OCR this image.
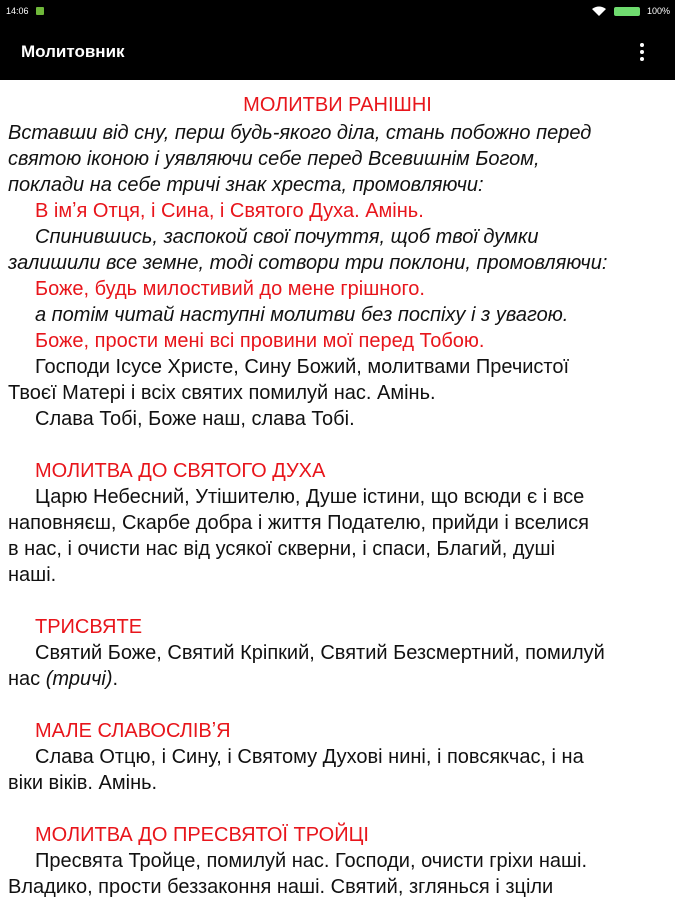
14:06	100%
Молитовник
МОЛИТВИ РАНІШНІ
Вставши від сну, перш будь-якого діла, стань побожно перед
святою іконою і уявляючи себе перед Всевишнім Богом,
поклади на себе тричі знак хреста, промовляючи:
В імʼя Отця, і Сина, і Святого Духа. Амінь.
Спинившись, заспокой свої почуття, щоб твої думки
залишили все земне, тоді сотвори три поклони, промовляючи:
Боже, будь милостивий до мене грішного.
а потім читай наступні молитви без поспіху і з увагою.
Боже, прости мені всі провини мої перед Тобою.
Господи Ісусе Христе, Сину Божий, молитвами Пречистої
Твоєї Матері і всіх святих помилуй нас. Амінь.
Слава Тобі, Боже наш, слава Тобі.
МОЛИТВА ДО СВЯТОГО ДУХА
Царю Небесний, Утішителю, Душе істини, що всюди є і все
наповняєш, Скарбе добра і життя Подателю, прийди і вселися
в нас, і очисти нас від усякої скверни, і спаси, Благий, душі
наші.
ТРИСВЯТЕ
Святий Боже, Святий Кріпкий, Святий Безсмертний, помилуй
нас (тричі).
МАЛЕ СЛАВОСЛІВʼЯ
Слава Отцю, і Сину, і Святому Духові нині, і повсякчас, і на
віки віків. Амінь.
МОЛИТВА ДО ПРЕСВЯТОЇ ТРОЙЦІ
Пресвята Тройце, помилуй нас. Господи, очисти гріхи наші.
Владико, прости беззаконня наші. Святий, зглянься і зціли
